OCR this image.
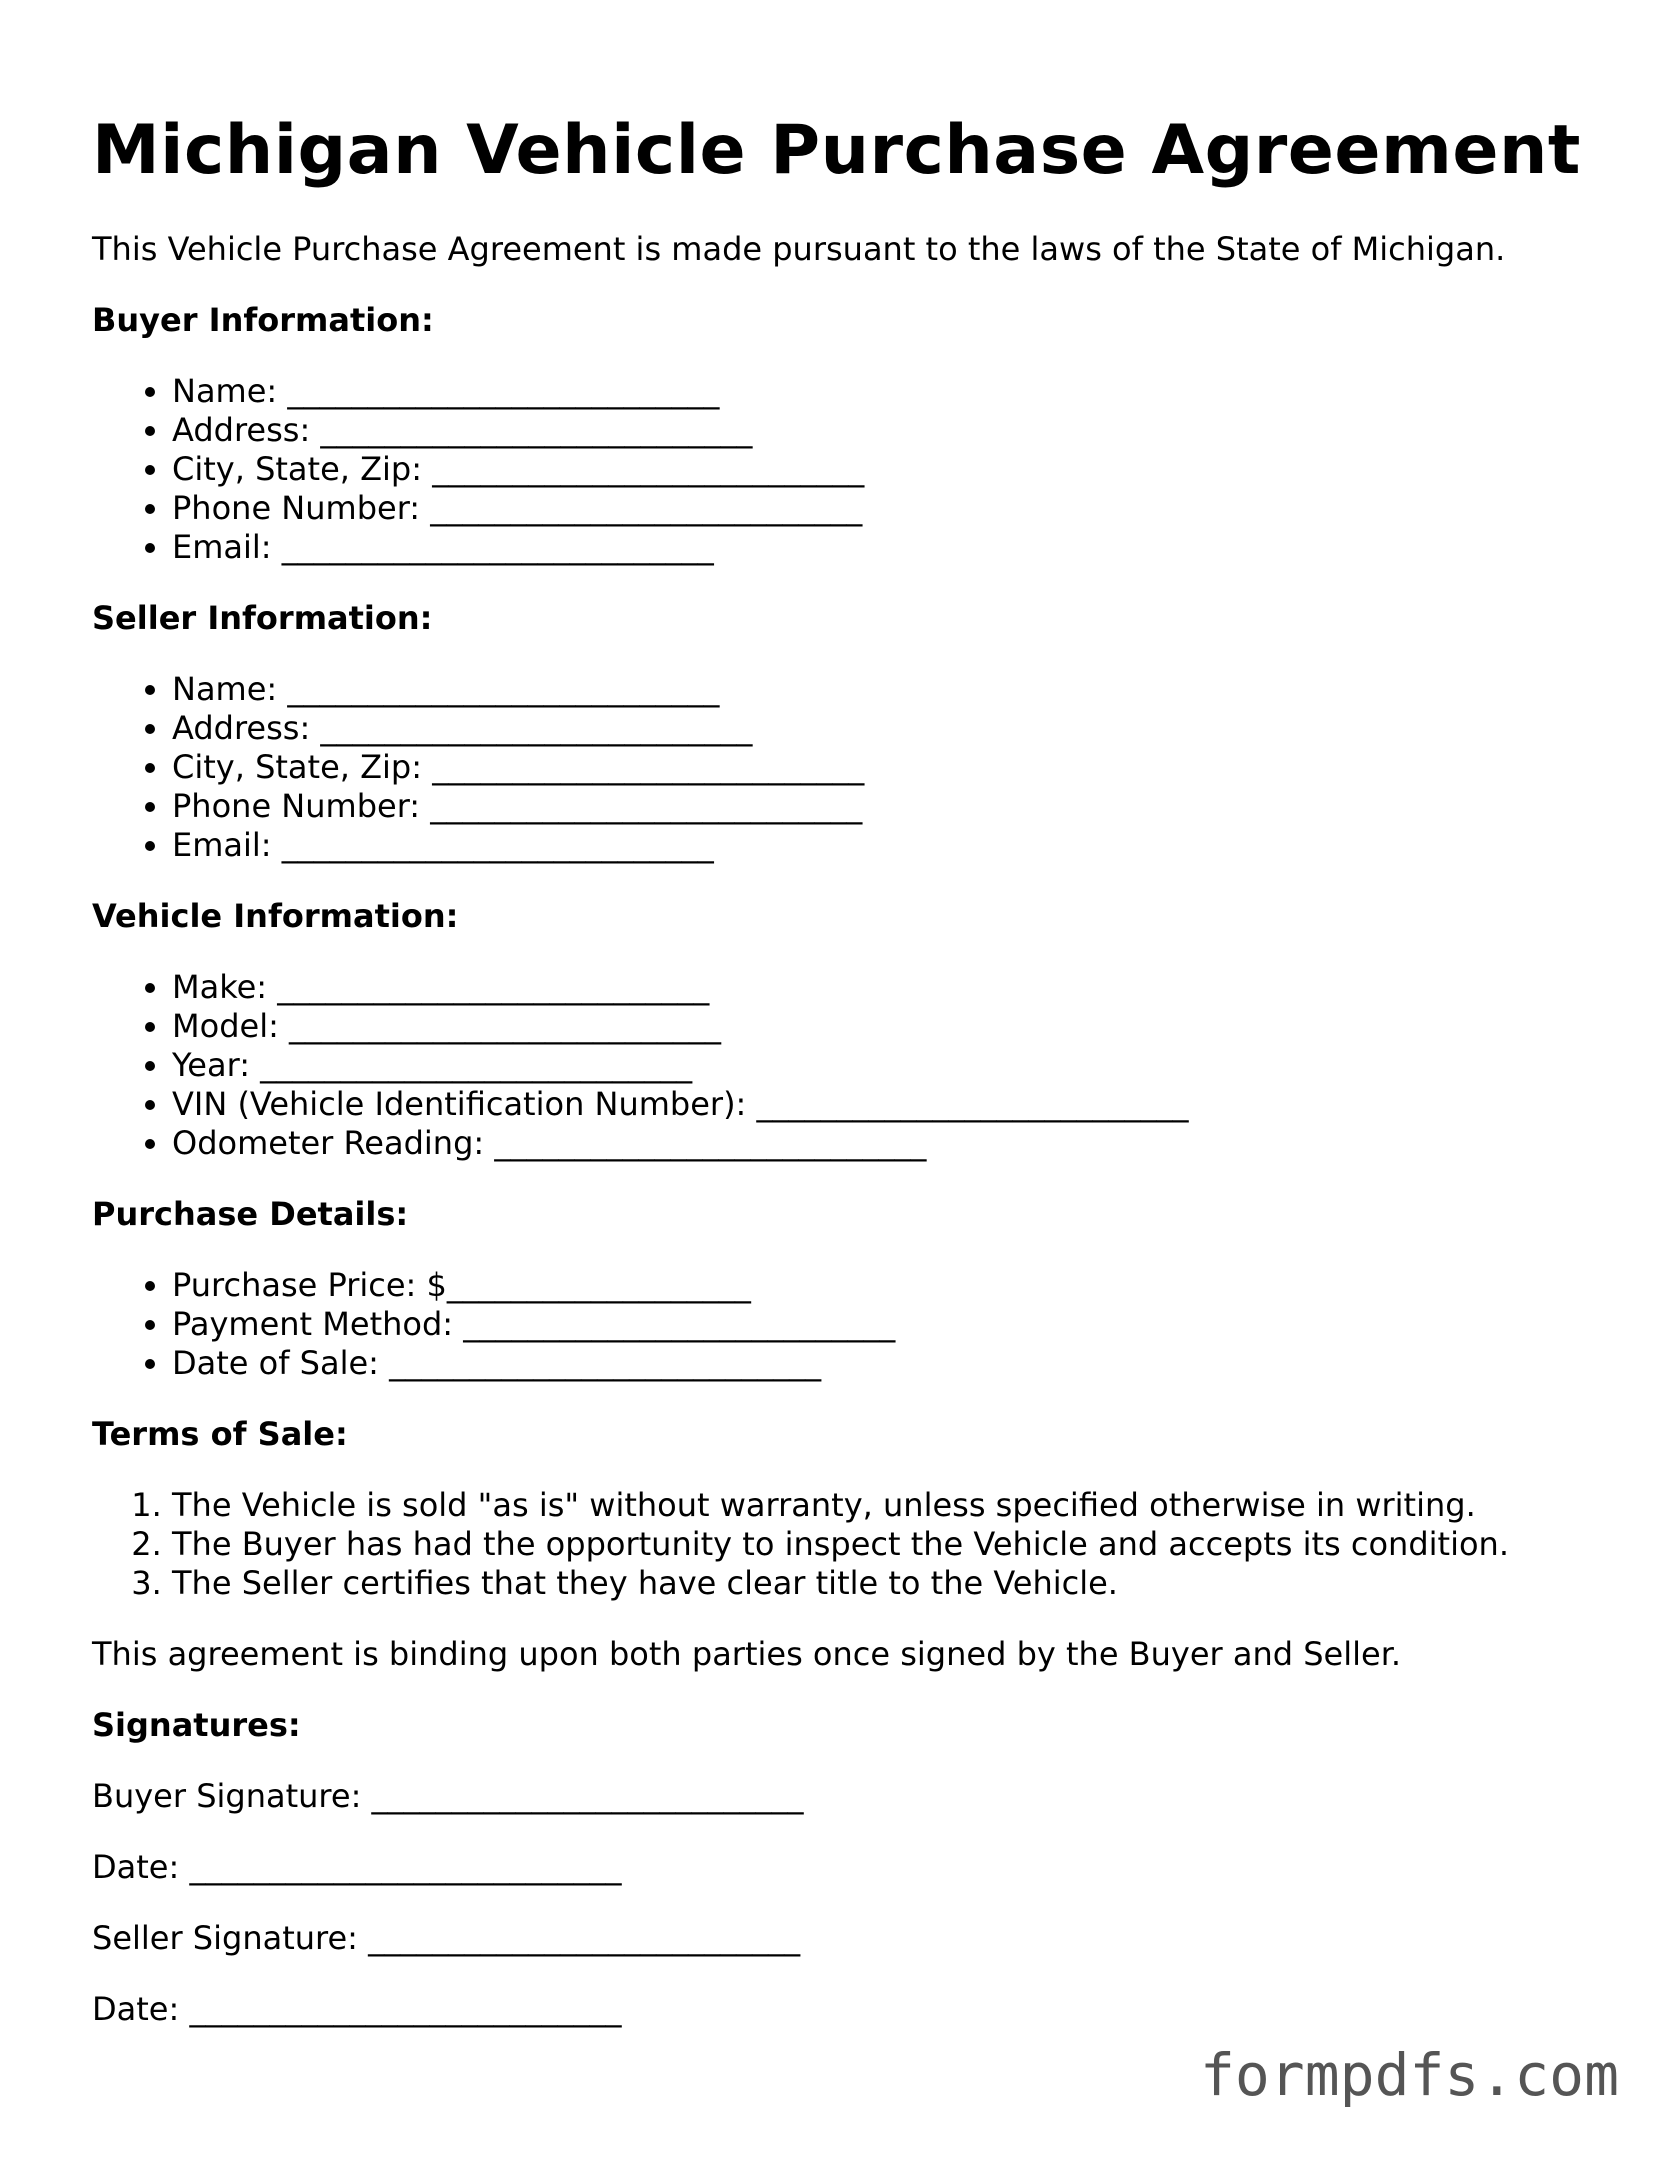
Michigan Vehicle Purchase Agreement

This Vehicle Purchase Agreement is made pursuant to the laws of the State of Michigan.

Buyer Information:
• Name: ___________________________
• Address: ___________________________
• City, State, Zip: ___________________________
• Phone Number: ___________________________
• Email: ___________________________
Seller Information:
• Name: ___________________________
• Address: ___________________________
• City, State, Zip: ___________________________
• Phone Number: ___________________________
• Email: ___________________________
Vehicle Information:
• Make: ___________________________
• Model: ___________________________
• Year: ___________________________
• VIN (Vehicle Identification Number): ___________________________
• Odometer Reading: ___________________________
Purchase Details:
• Purchase Price: $___________________
• Payment Method: ___________________________
• Date of Sale: ___________________________
Terms of Sale:
1. The Vehicle is sold "as is" without warranty, unless specified otherwise in writing.
2. The Buyer has had the opportunity to inspect the Vehicle and accepts its condition.
3. The Seller certifies that they have clear title to the Vehicle.

This agreement is binding upon both parties once signed by the Buyer and Seller.

Signatures:

Buyer Signature: ___________________________

Date: ___________________________

Seller Signature: ___________________________

Date: ___________________________

formpdfs.com
